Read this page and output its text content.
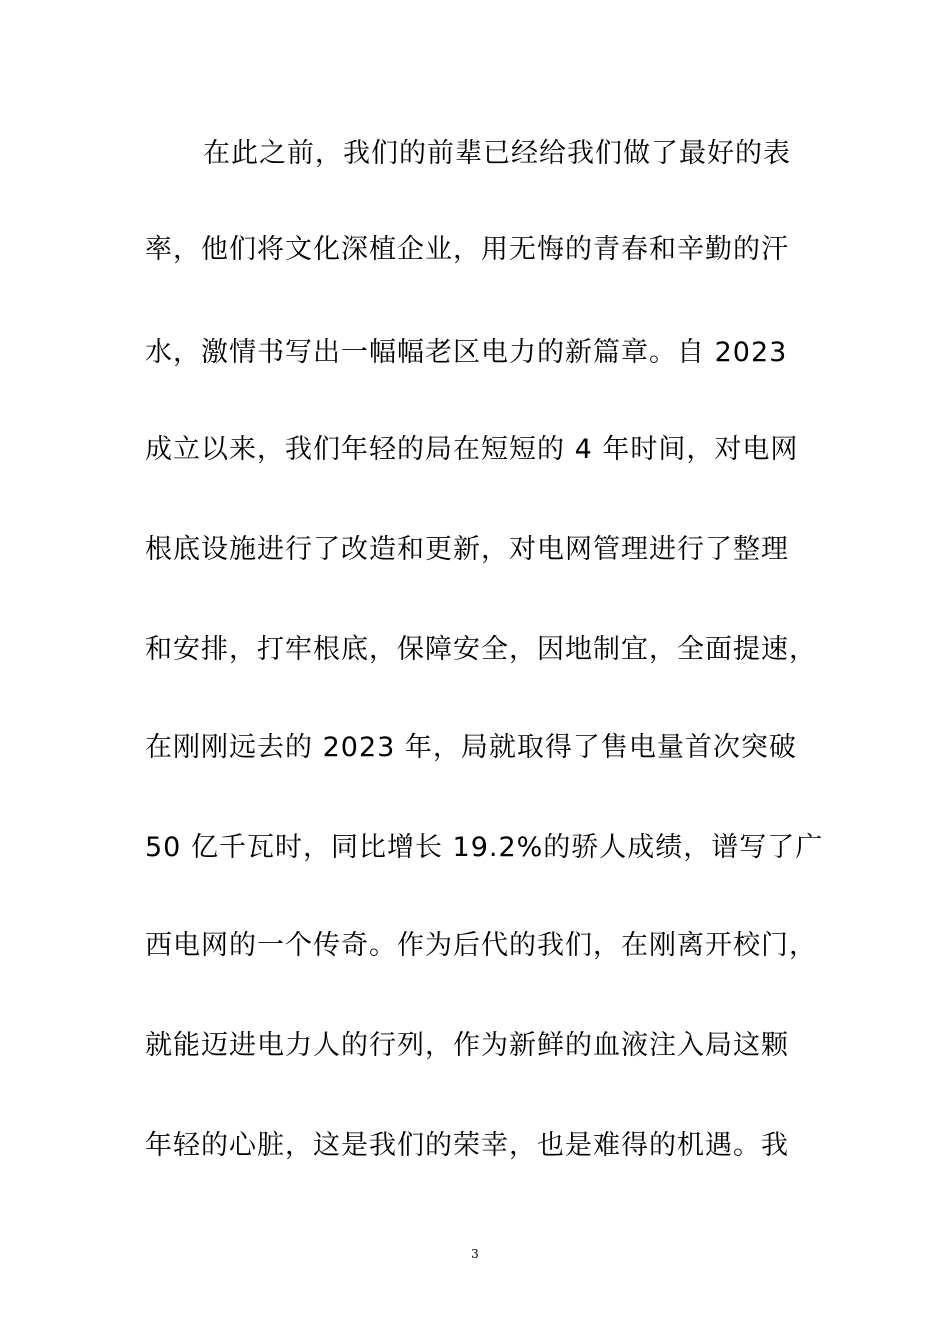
在此之前，我们的前辈已经给我们做了最好的表
率，他们将文化深植企业，用无悔的青春和辛勤的汗
水，激情书写出一幅幅老区电力的新篇章。自 2023
成立以来，我们年轻的局在短短的 4 年时间，对电网
根底设施进行了改造和更新，对电网管理进行了整理
和安排，打牢根底，保障安全，因地制宜，全面提速，
在刚刚远去的 2023 年，局就取得了售电量首次突破
50 亿千瓦时，同比增长 19.2%的骄人成绩，谱写了广
西电网的一个传奇。作为后代的我们，在刚离开校门，
就能迈进电力人的行列，作为新鲜的血液注入局这颗
年轻的心脏，这是我们的荣幸，也是难得的机遇。我
3
